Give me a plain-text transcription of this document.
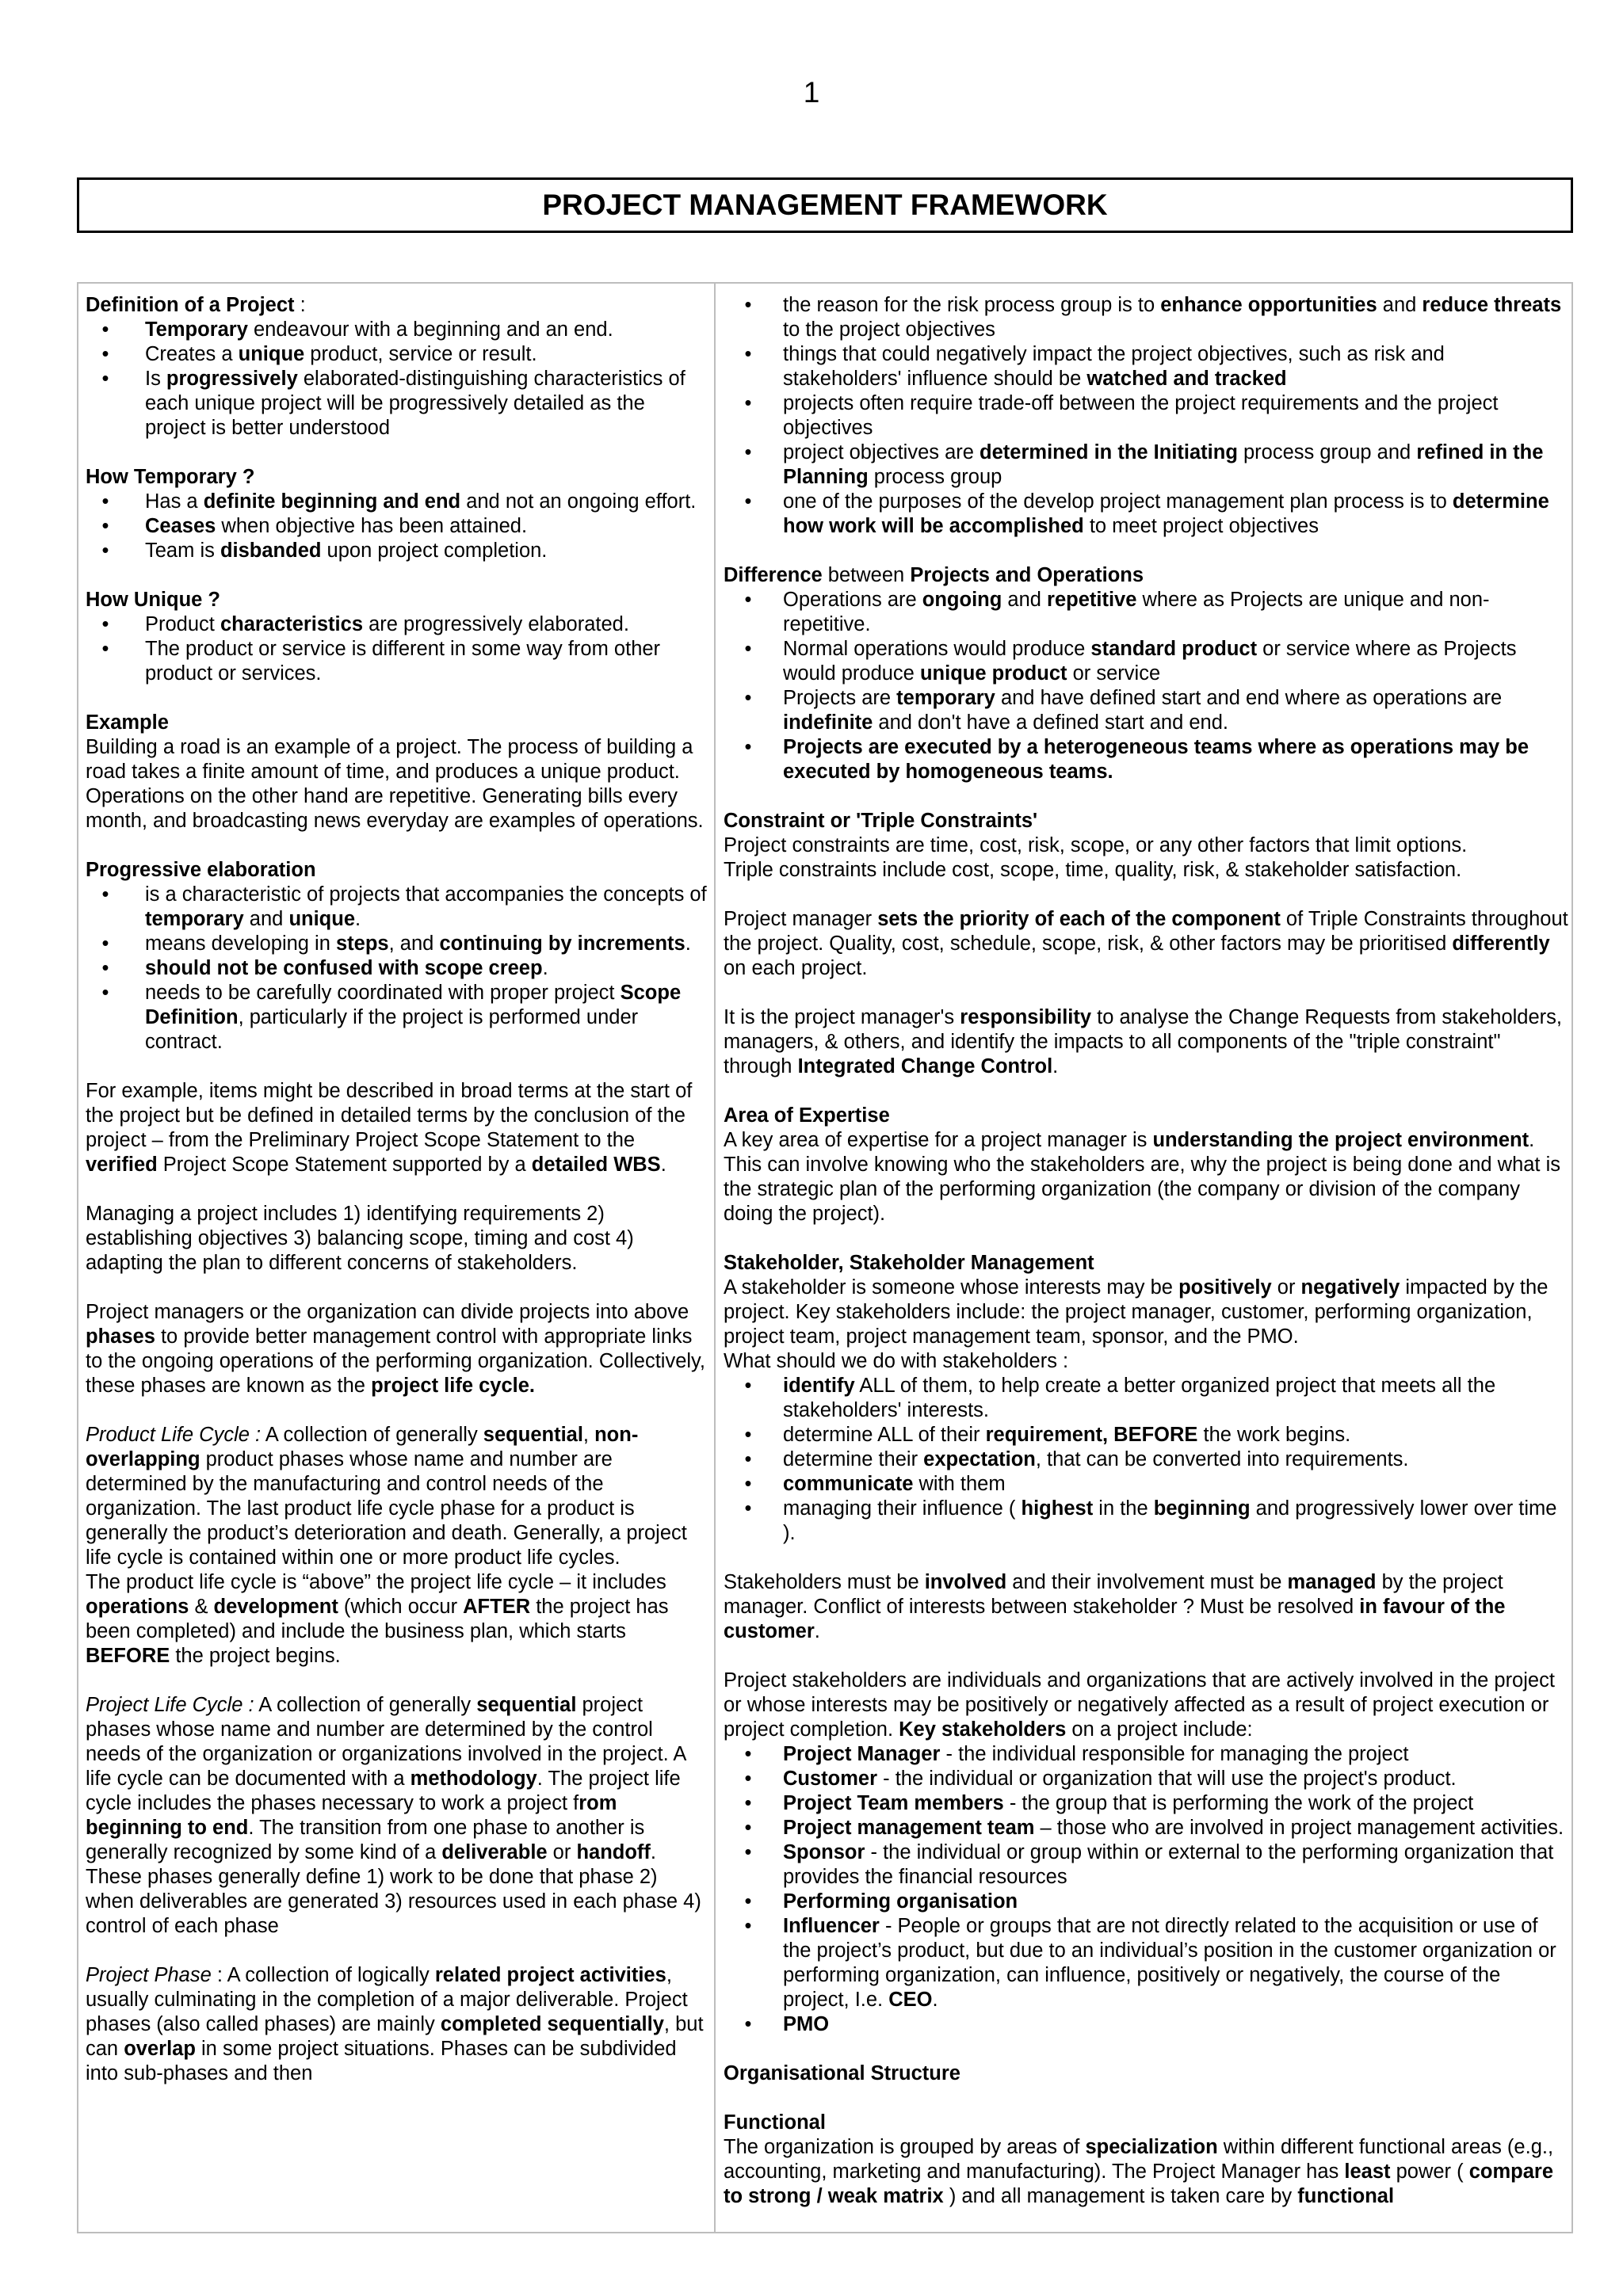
1
PROJECT MANAGEMENT FRAMEWORK

Definition of a Project :

•	Temporary endeavour with a beginning and an end.
•	Creates a unique product, service or result.
•	Is progressively elaborated-distinguishing characteristics of each unique project will be progressively detailed as the project is better understood

How Temporary ?

•	Has a definite beginning and end and not an ongoing effort.
•	Ceases when objective has been attained.
•	Team is disbanded upon project completion.

How Unique ?

•	Product characteristics are progressively elaborated.
•	The product or service is different in some way from other product or services.

Example

Building a road is an example of a project. The process of building a road takes a finite amount of time, and produces a unique product. Operations on the other hand are repetitive. Generating bills every month, and broadcasting news everyday are examples of operations.

Progressive elaboration

•	is a characteristic of projects that accompanies the concepts of temporary and unique.
•	means developing in steps, and continuing by increments.
•	should not be confused with scope creep.
•	needs to be carefully coordinated with proper project Scope Definition, particularly if the project is performed under contract.

For example, items might be described in broad terms at the start of the project but be defined in detailed terms by the conclusion of the project – from the Preliminary Project Scope Statement to the verified Project Scope Statement supported by a detailed WBS.

Managing a project includes 1) identifying requirements 2) establishing objectives 3) balancing scope, timing and cost 4) adapting the plan to different concerns of stakeholders.

Project managers or the organization can divide projects into above phases to provide better management control with appropriate links to the ongoing operations of the performing organization. Collectively, these phases are known as the project life cycle.

Product Life Cycle : A collection of generally sequential, non-overlapping product phases whose name and number are determined by the manufacturing and control needs of the organization. The last product life cycle phase for a product is generally the product’s deterioration and death. Generally, a project life cycle is contained within one or more product life cycles.

The product life cycle is “above” the project life cycle – it includes operations & development (which occur AFTER the project has been completed) and include the business plan, which starts BEFORE the project begins.

Project Life Cycle : A collection of generally sequential project phases whose name and number are determined by the control needs of the organization or organizations involved in the project. A life cycle can be documented with a methodology. The project life cycle includes the phases necessary to work a project from beginning to end. The transition from one phase to another is generally recognized by some kind of a deliverable or handoff. These phases generally define 1) work to be done that phase 2) when deliverables are generated 3) resources used in each phase 4) control of each phase

Project Phase : A collection of logically related project activities, usually culminating in the completion of a major deliverable. Project phases (also called phases) are mainly completed sequentially, but can overlap in some project situations. Phases can be subdivided into sub-phases and then

•	the reason for the risk process group is to enhance opportunities and reduce threats to the project objectives
•	things that could negatively impact the project objectives, such as risk and stakeholders' influence should be watched and tracked
•	projects often require trade-off between the project requirements and the project objectives
•	project objectives are determined in the Initiating process group and refined in the Planning process group
•	one of the purposes of the develop project management plan process is to determine how work will be accomplished to meet project objectives

Difference between Projects and Operations

•	Operations are ongoing and repetitive where as Projects are unique and non-repetitive.
•	Normal operations would produce standard product or service where as Projects would produce unique product or service
•	Projects are temporary and have defined start and end where as operations are indefinite and don't have a defined start and end.
•	Projects are executed by a heterogeneous teams where as operations may be executed by homogeneous teams.

Constraint or 'Triple Constraints'

Project constraints are time, cost, risk, scope, or any other factors that limit options.

Triple constraints include cost, scope, time, quality, risk, & stakeholder satisfaction.

Project manager sets the priority of each of the component of Triple Constraints throughout the project. Quality, cost, schedule, scope, risk, & other factors may be prioritised differently on each project.

It is the project manager's responsibility to analyse the Change Requests from stakeholders, managers, & others, and identify the impacts to all components of the "triple constraint" through Integrated Change Control.

Area of Expertise

A key area of expertise for a project manager is understanding the project environment. This can involve knowing who the stakeholders are, why the project is being done and what is the strategic plan of the performing organization (the company or division of the company doing the project).

Stakeholder, Stakeholder Management

A stakeholder is someone whose interests may be positively or negatively impacted by the project. Key stakeholders include: the project manager, customer, performing organization, project team, project management team, sponsor, and the PMO.

What should we do with stakeholders :

•	identify ALL of them, to help create a better organized project that meets all the stakeholders' interests.
•	determine ALL of their requirement, BEFORE the work begins.
•	determine their expectation, that can be converted into requirements.
•	communicate with them
•	managing their influence ( highest in the beginning and progressively lower over time ).

Stakeholders must be involved and their involvement must be managed by the project manager. Conflict of interests between stakeholder ? Must be resolved in favour of the customer.

Project stakeholders are individuals and organizations that are actively involved in the project or whose interests may be positively or negatively affected as a result of project execution or project completion. Key stakeholders on a project include:

•	Project Manager - the individual responsible for managing the project
•	Customer - the individual or organization that will use the project's product.
•	Project Team members - the group that is performing the work of the project
•	Project management team – those who are involved in project management activities.
•	Sponsor - the individual or group within or external to the performing organization that provides the financial resources
•	Performing organisation
•	Influencer - People or groups that are not directly related to the acquisition or use of the project’s product, but due to an individual’s position in the customer organization or performing organization, can influence, positively or negatively, the course of the project, I.e. CEO.
•	PMO

Organisational Structure

Functional

The organization is grouped by areas of specialization within different functional areas (e.g., accounting, marketing and manufacturing). The Project Manager has least power ( compare to strong / weak matrix ) and all management is taken care by functional
